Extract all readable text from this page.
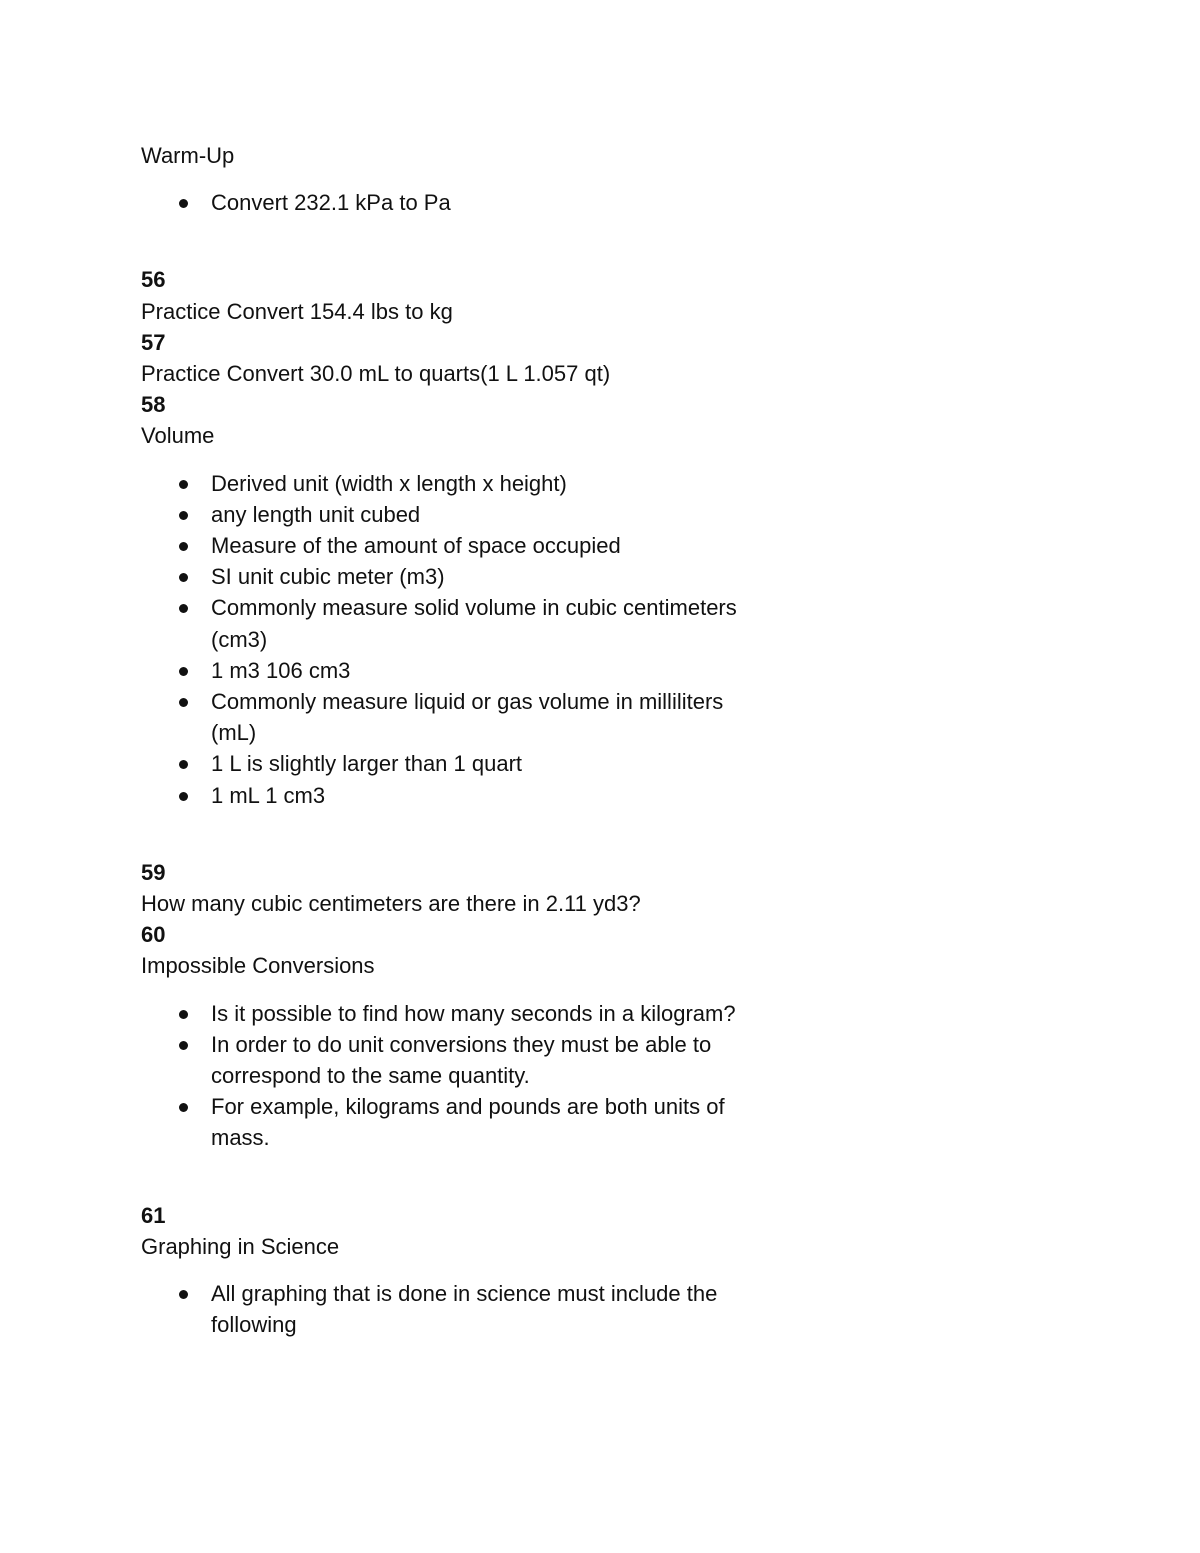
Warm-Up

Convert 232.1 kPa to Pa

56

Practice Convert 154.4 lbs to kg

57

Practice Convert 30.0 mL to quarts(1 L 1.057 qt)

58

Volume

Derived unit (width x length x height)
any length unit cubed
Measure of the amount of space occupied
SI unit cubic meter (m3)
Commonly measure solid volume in cubic centimeters (cm3)
1 m3 106 cm3
Commonly measure liquid or gas volume in milliliters (mL)
1 L is slightly larger than 1 quart
1 mL 1 cm3

59

How many cubic centimeters are there in 2.11 yd3?

60

Impossible Conversions

Is it possible to find how many seconds in a kilogram?
In order to do unit conversions they must be able to correspond to the same quantity.
For example, kilograms and pounds are both units of mass.

61

Graphing in Science

All graphing that is done in science must include the following
